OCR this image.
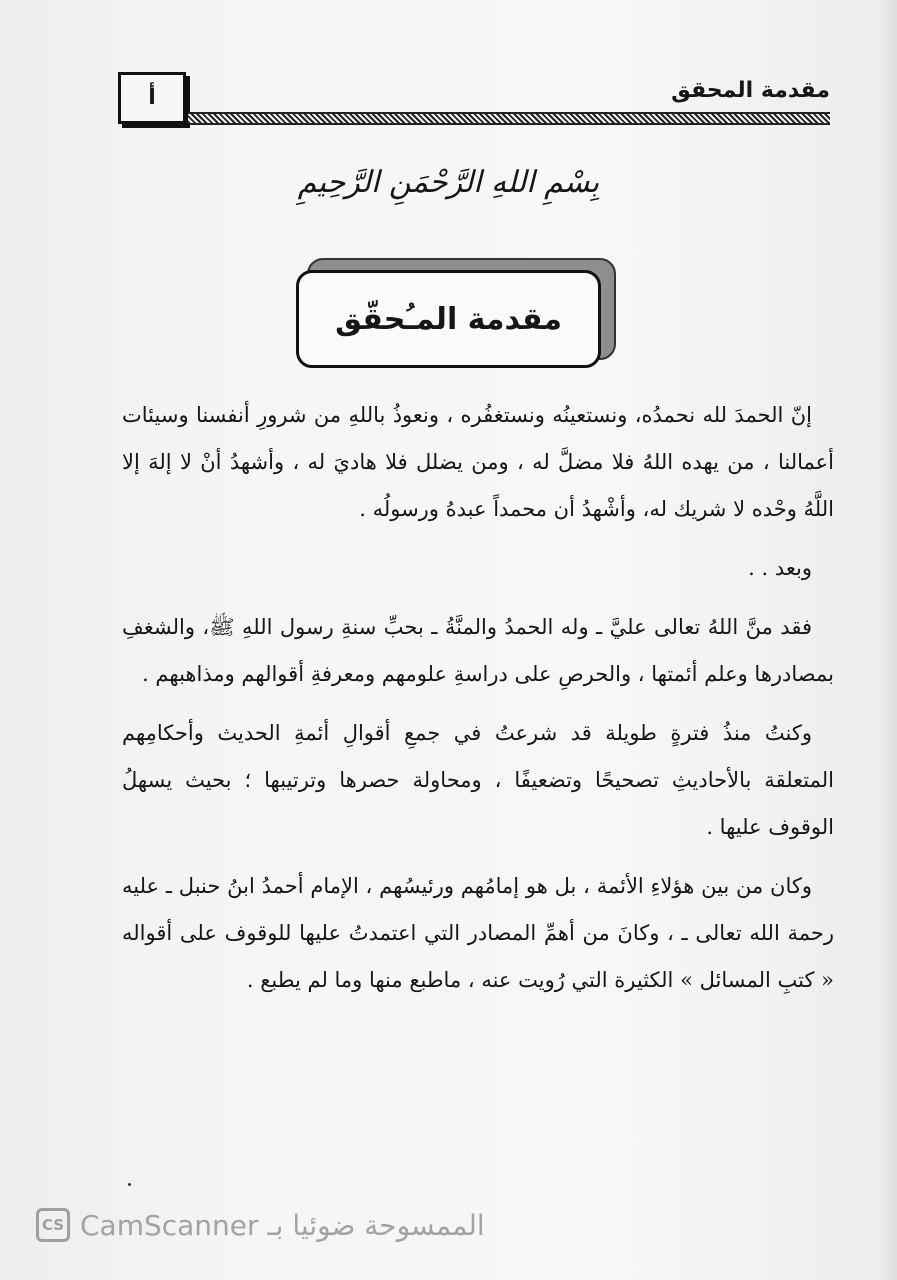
أ	مقدمة المحقق
بِسْمِ اللهِ الرَّحْمَنِ الرَّحِيمِ
مقدمة المـُحقّق

إنّ الحمدَ لله نحمدُه، ونستعينُه ونستغفُره ، ونعوذُ باللهِ من شرورِ أنفسنا وسيئات أعمالنا ، من يهده اللهُ فلا مضلَّ له ، ومن يضلل فلا هاديَ له ، وأشهدُ أنْ لا إلهَ إلا اللَّهُ وحْده لا شريك له، وأشْهدُ أن محمداً عبدهُ ورسولُه .

وبعد . .

فقد منَّ اللهُ تعالى عليَّ ـ وله الحمدُ والمنَّةُ ـ بحبِّ سنةِ رسول اللهِ ﷺ، والشغفِ بمصادرها وعلم أئمتها ، والحرصِ على دراسةِ علومهم ومعرفةِ أقوالهم ومذاهبهم .

وكنتُ منذُ فترةٍ طويلة قد شرعتُ في جمعِ أقوالِ أئمةِ الحديث وأحكامِهم المتعلقة بالأحاديثِ تصحيحًا وتضعيفًا ، ومحاولة حصرها وترتيبها ؛ بحيث يسهلُ الوقوف عليها .

وكان من بين هؤلاءِ الأئمة ، بل هو إمامُهم ورئيسُهم ، الإمام أحمدُ ابنُ حنبل ـ عليه رحمة الله تعالى ـ ، وكانَ من أهمِّ المصادر التي اعتمدتُ عليها للوقوف على أقواله « كتبِ المسائل » الكثيرة التي رُويت عنه ، ماطبع منها وما لم يطبع .

CS CamScanner الممسوحة ضوئيا بـ
